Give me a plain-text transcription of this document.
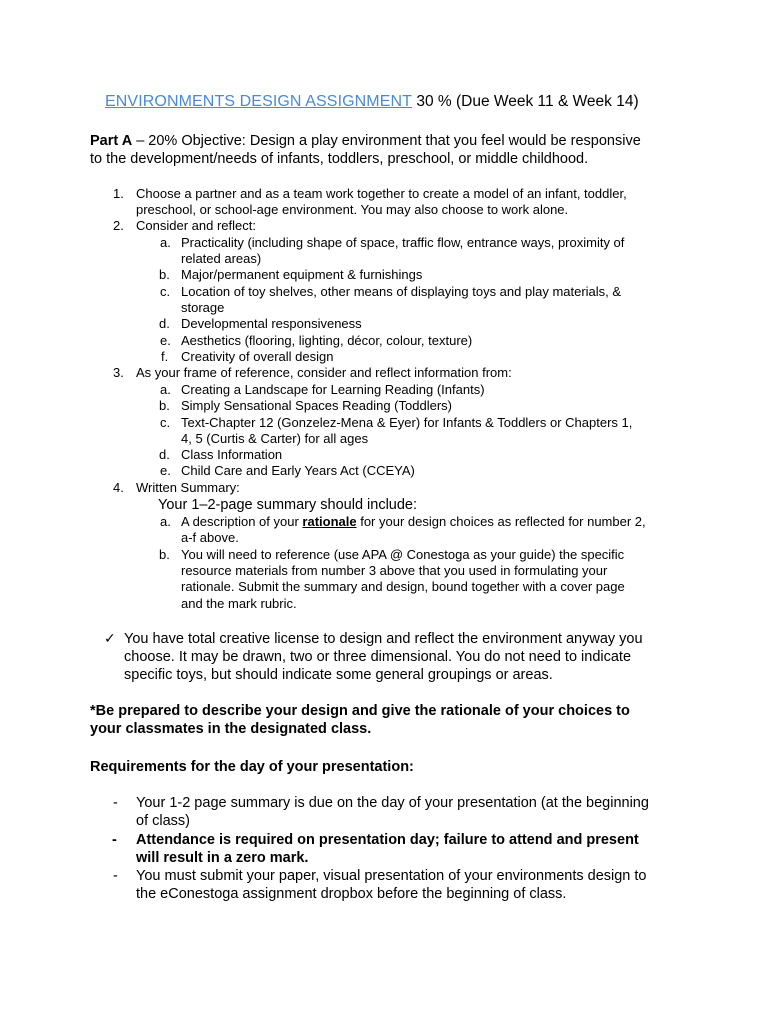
ENVIRONMENTS DESIGN ASSIGNMENT 30 % (Due Week 11 & Week 14)
Part A – 20% Objective: Design a play environment that you feel would be responsive
to the development/needs of infants, toddlers, preschool, or middle childhood.
1. Choose a partner and as a team work together to create a model of an infant, toddler,
preschool, or school-age environment. You may also choose to work alone.
2. Consider and reflect:
a. Practicality (including shape of space, traffic flow, entrance ways, proximity of
related areas)
b. Major/permanent equipment & furnishings
c. Location of toy shelves, other means of displaying toys and play materials, &
storage
d. Developmental responsiveness
e. Aesthetics (flooring, lighting, décor, colour, texture)
f. Creativity of overall design
3. As your frame of reference, consider and reflect information from:
a. Creating a Landscape for Learning Reading (Infants)
b. Simply Sensational Spaces Reading (Toddlers)
c. Text-Chapter 12 (Gonzelez-Mena & Eyer) for Infants & Toddlers or Chapters 1,
4, 5 (Curtis & Carter) for all ages
d. Class Information
e. Child Care and Early Years Act (CCEYA)
4. Written Summary:
Your 1–2-page summary should include:
a. A description of your rationale for your design choices as reflected for number 2,
a-f above.
b. You will need to reference (use APA @ Conestoga as your guide) the specific
resource materials from number 3 above that you used in formulating your
rationale. Submit the summary and design, bound together with a cover page
and the mark rubric.
✓ You have total creative license to design and reflect the environment anyway you
choose. It may be drawn, two or three dimensional. You do not need to indicate
specific toys, but should indicate some general groupings or areas.
*Be prepared to describe your design and give the rationale of your choices to
your classmates in the designated class.
Requirements for the day of your presentation:
- Your 1-2 page summary is due on the day of your presentation (at the beginning
of class)
- Attendance is required on presentation day; failure to attend and present
will result in a zero mark.
- You must submit your paper, visual presentation of your environments design to
the eConestoga assignment dropbox before the beginning of class.
